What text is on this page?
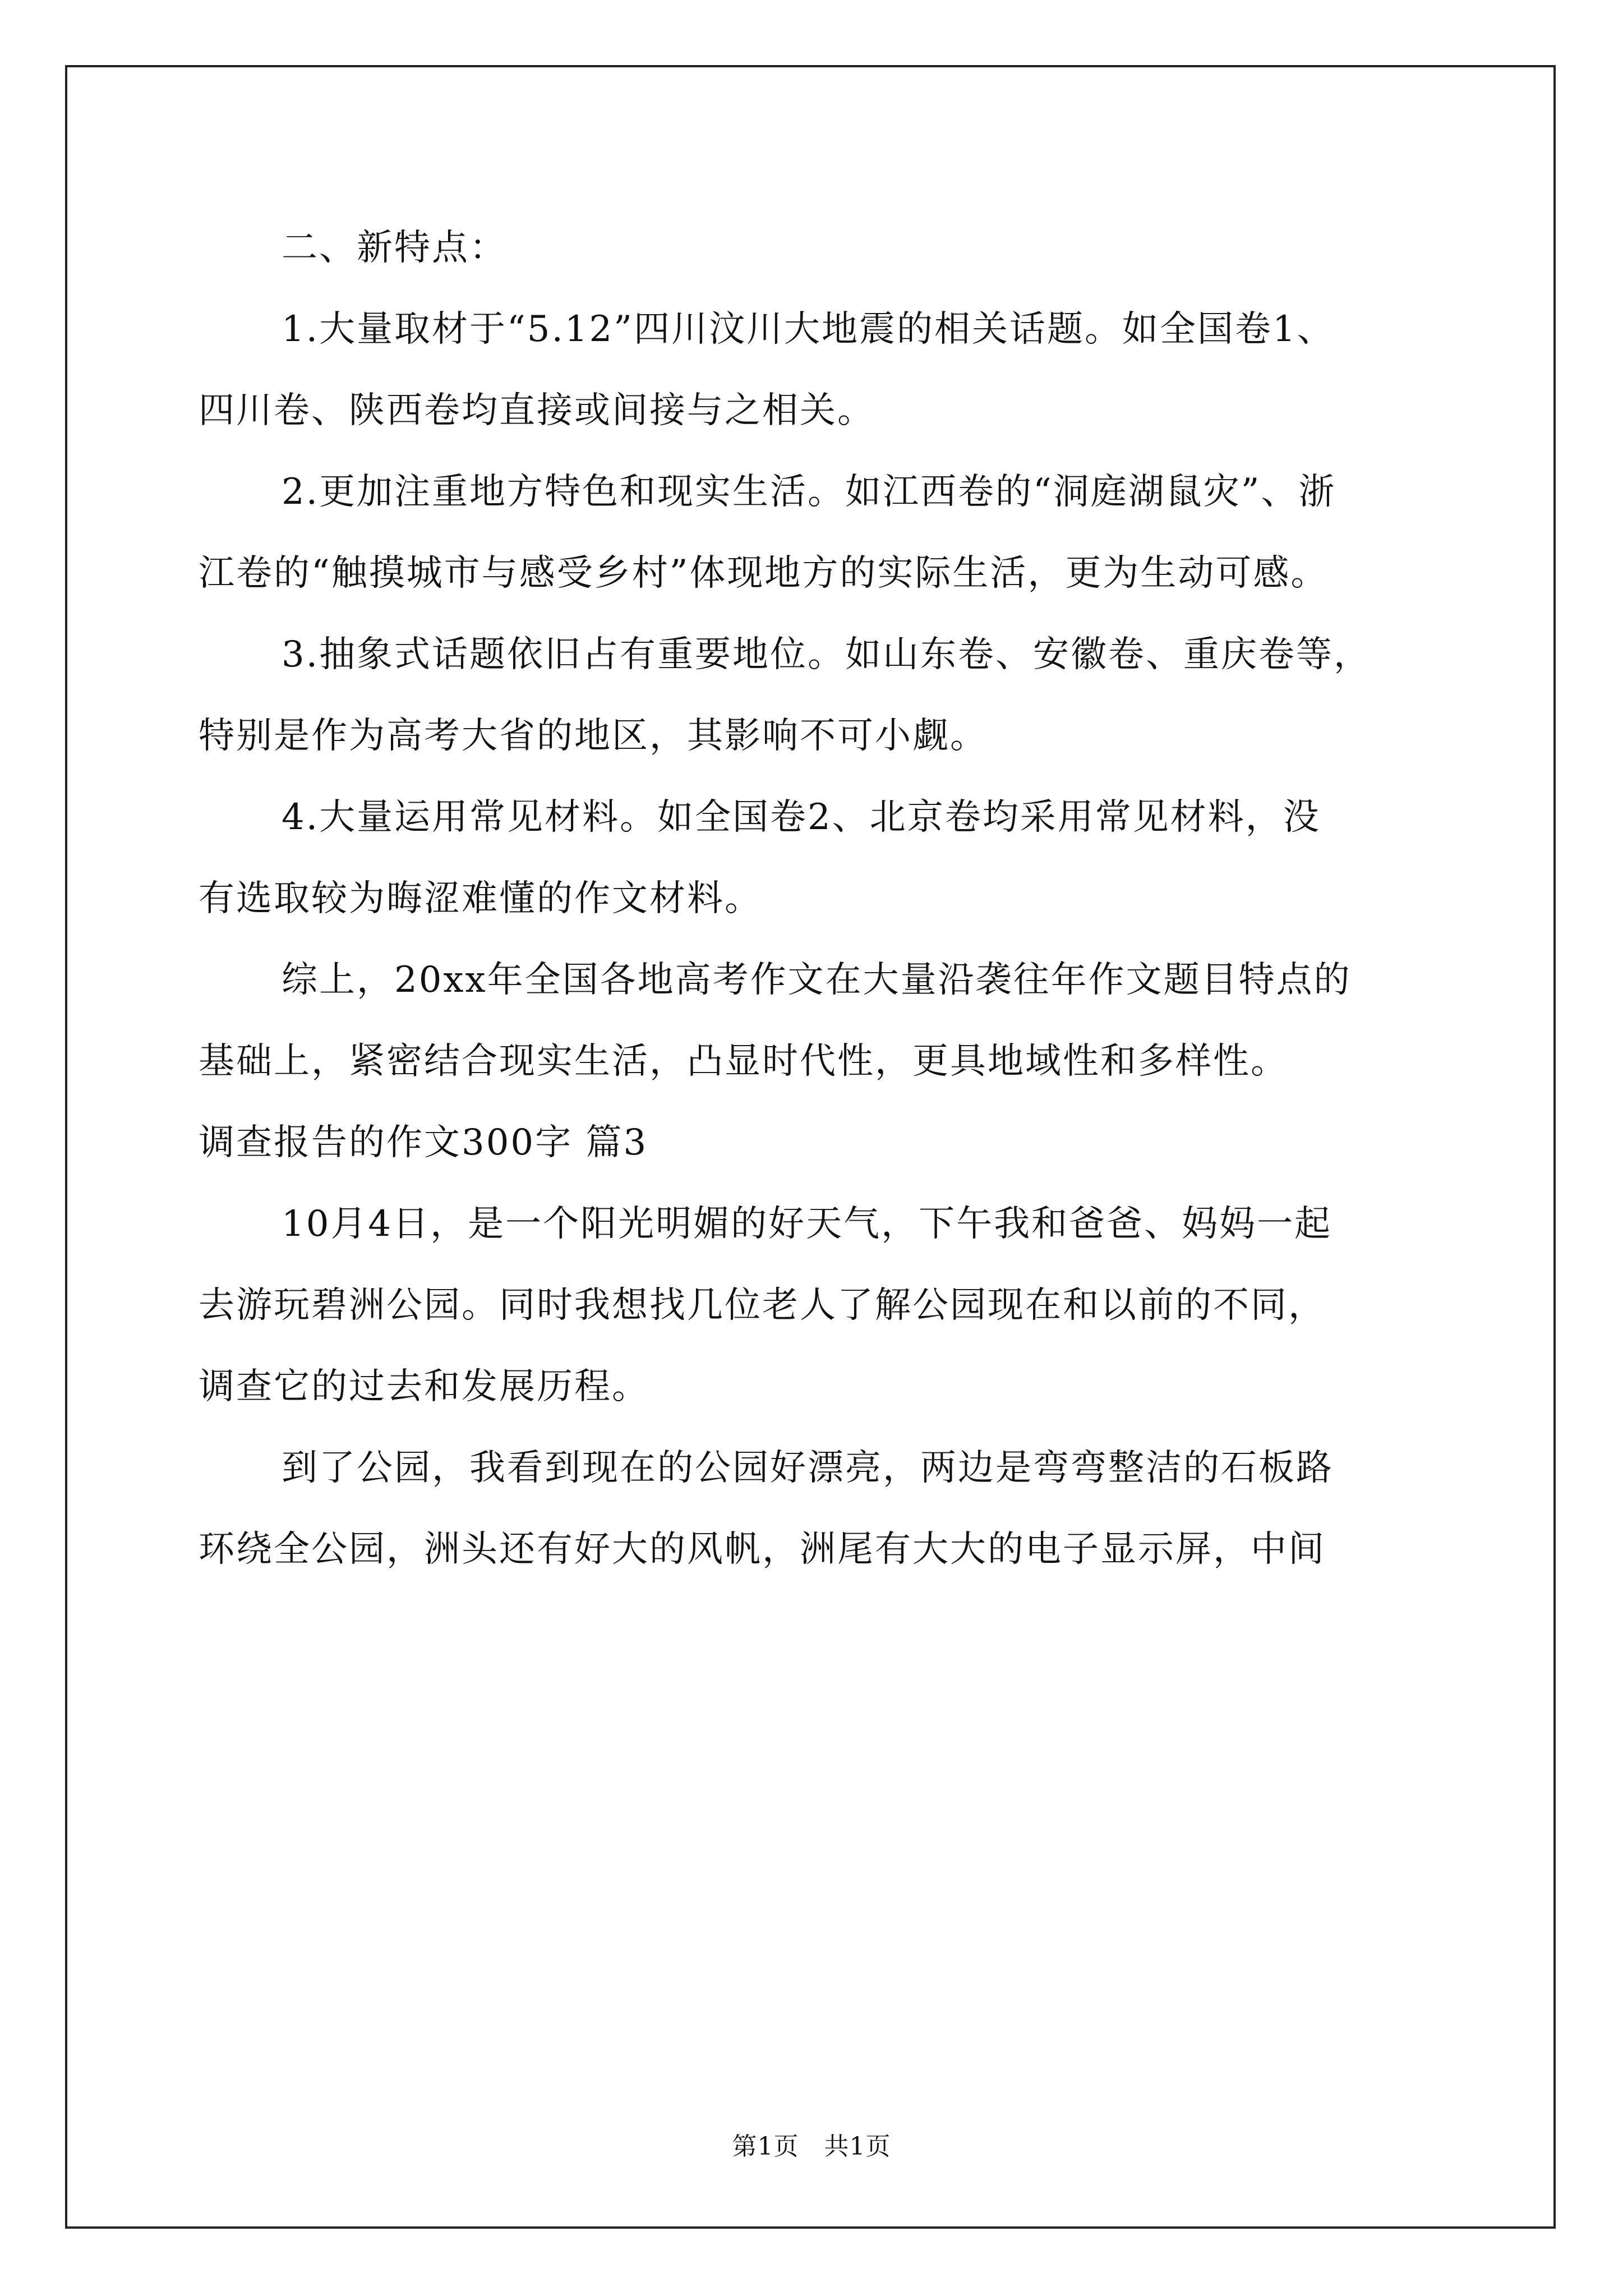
二、新特点：
1.大量取材于“5.12”四川汶川大地震的相关话题。如全国卷1、
四川卷、陕西卷均直接或间接与之相关。
2.更加注重地方特色和现实生活。如江西卷的“洞庭湖鼠灾”、浙
江卷的“触摸城市与感受乡村”体现地方的实际生活，更为生动可感。
3.抽象式话题依旧占有重要地位。如山东卷、安徽卷、重庆卷等，
特别是作为高考大省的地区，其影响不可小觑。
4.大量运用常见材料。如全国卷2、北京卷均采用常见材料，没
有选取较为晦涩难懂的作文材料。
综上，20xx年全国各地高考作文在大量沿袭往年作文题目特点的
基础上，紧密结合现实生活，凸显时代性，更具地域性和多样性。
调查报告的作文300字 篇3
10月4日，是一个阳光明媚的好天气，下午我和爸爸、妈妈一起
去游玩碧洲公园。同时我想找几位老人了解公园现在和以前的不同，
调查它的过去和发展历程。
到了公园，我看到现在的公园好漂亮，两边是弯弯整洁的石板路
环绕全公园，洲头还有好大的风帆，洲尾有大大的电子显示屏，中间
第1页　共1页
